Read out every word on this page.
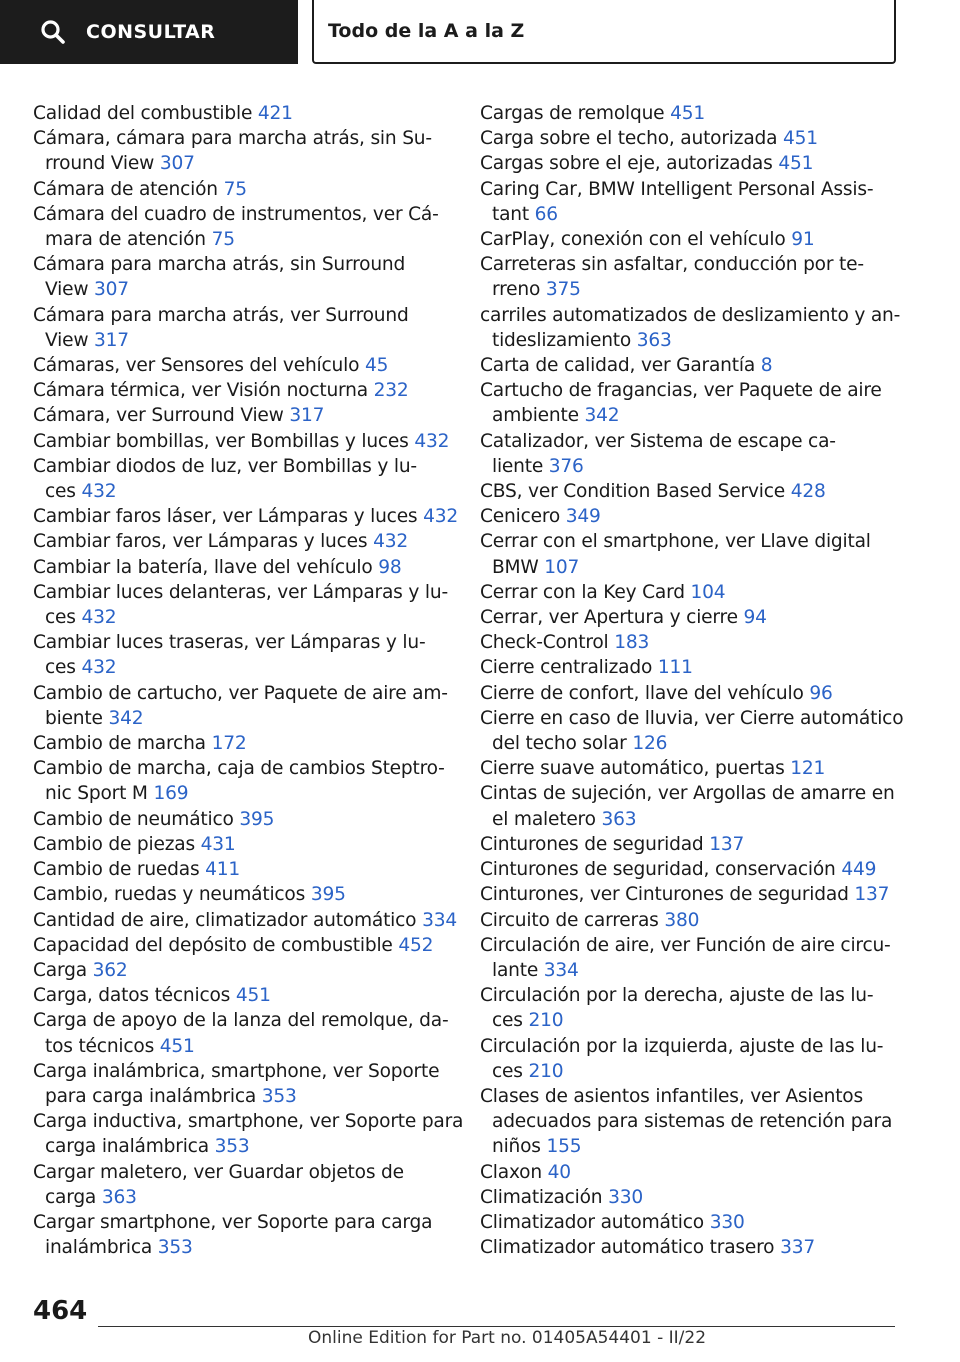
CONSULTAR	Todo de la A a la Z
Calidad del combustible 421
Cámara, cámara para marcha atrás, sin Su-
rround View 307
Cámara de atención 75
Cámara del cuadro de instrumentos, ver Cá-
mara de atención 75
Cámara para marcha atrás, sin Surround
View 307
Cámara para marcha atrás, ver Surround
View 317
Cámaras, ver Sensores del vehículo 45
Cámara térmica, ver Visión nocturna 232
Cámara, ver Surround View 317
Cambiar bombillas, ver Bombillas y luces 432
Cambiar diodos de luz, ver Bombillas y lu-
ces 432
Cambiar faros láser, ver Lámparas y luces 432
Cambiar faros, ver Lámparas y luces 432
Cambiar la batería, llave del vehículo 98
Cambiar luces delanteras, ver Lámparas y lu-
ces 432
Cambiar luces traseras, ver Lámparas y lu-
ces 432
Cambio de cartucho, ver Paquete de aire am-
biente 342
Cambio de marcha 172
Cambio de marcha, caja de cambios Steptro-
nic Sport M 169
Cambio de neumático 395
Cambio de piezas 431
Cambio de ruedas 411
Cambio, ruedas y neumáticos 395
Cantidad de aire, climatizador automático 334
Capacidad del depósito de combustible 452
Carga 362
Carga, datos técnicos 451
Carga de apoyo de la lanza del remolque, da-
tos técnicos 451
Carga inalámbrica, smartphone, ver Soporte
para carga inalámbrica 353
Carga inductiva, smartphone, ver Soporte para
carga inalámbrica 353
Cargar maletero, ver Guardar objetos de
carga 363
Cargar smartphone, ver Soporte para carga
inalámbrica 353
Cargas de remolque 451
Carga sobre el techo, autorizada 451
Cargas sobre el eje, autorizadas 451
Caring Car, BMW Intelligent Personal Assis-
tant 66
CarPlay, conexión con el vehículo 91
Carreteras sin asfaltar, conducción por te-
rreno 375
carriles automatizados de deslizamiento y an-
tideslizamiento 363
Carta de calidad, ver Garantía 8
Cartucho de fragancias, ver Paquete de aire
ambiente 342
Catalizador, ver Sistema de escape ca-
liente 376
CBS, ver Condition Based Service 428
Cenicero 349
Cerrar con el smartphone, ver Llave digital
BMW 107
Cerrar con la Key Card 104
Cerrar, ver Apertura y cierre 94
Check-Control 183
Cierre centralizado 111
Cierre de confort, llave del vehículo 96
Cierre en caso de lluvia, ver Cierre automático
del techo solar 126
Cierre suave automático, puertas 121
Cintas de sujeción, ver Argollas de amarre en
el maletero 363
Cinturones de seguridad 137
Cinturones de seguridad, conservación 449
Cinturones, ver Cinturones de seguridad 137
Circuito de carreras 380
Circulación de aire, ver Función de aire circu-
lante 334
Circulación por la derecha, ajuste de las lu-
ces 210
Circulación por la izquierda, ajuste de las lu-
ces 210
Clases de asientos infantiles, ver Asientos
adecuados para sistemas de retención para
niños 155
Claxon 40
Climatización 330
Climatizador automático 330
Climatizador automático trasero 337
464
Online Edition for Part no. 01405A54401 - II/22
